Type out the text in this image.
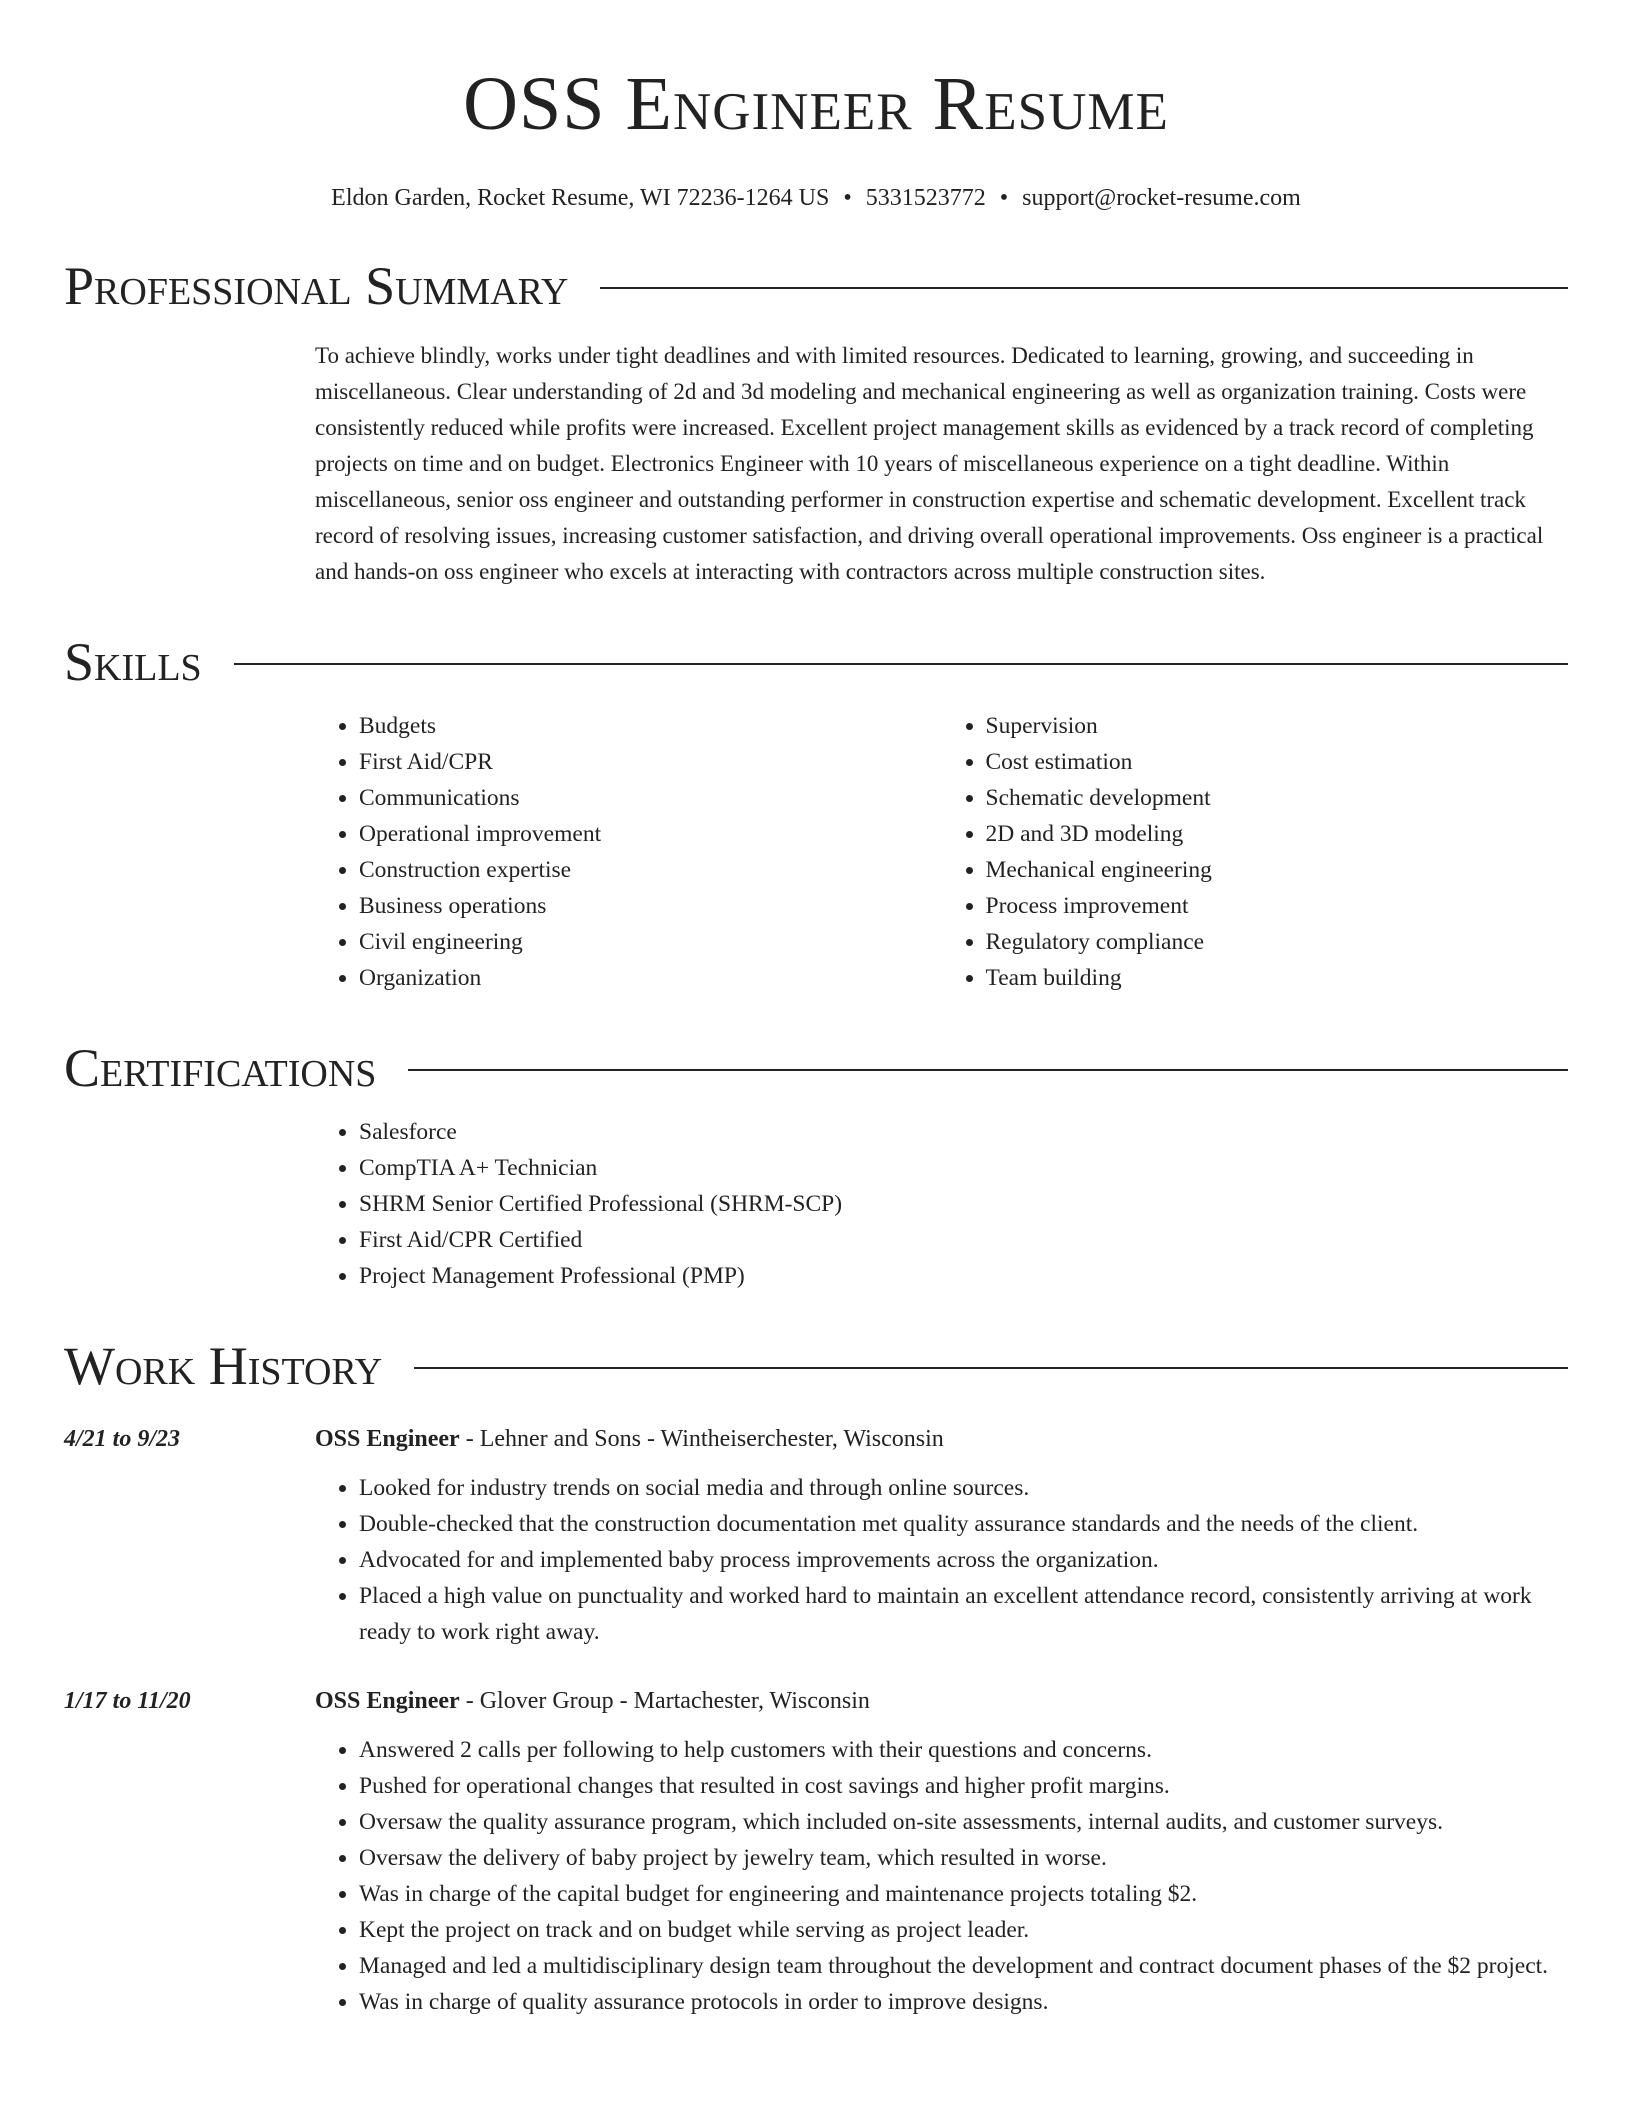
OSS Engineer Resume
Eldon Garden, Rocket Resume, WI 72236-1264 US • 5331523772 • support@rocket-resume.com
Professional Summary

To achieve blindly, works under tight deadlines and with limited resources. Dedicated to learning, growing, and succeeding in miscellaneous. Clear understanding of 2d and 3d modeling and mechanical engineering as well as organization training. Costs were consistently reduced while profits were increased. Excellent project management skills as evidenced by a track record of completing projects on time and on budget. Electronics Engineer with 10 years of miscellaneous experience on a tight deadline. Within miscellaneous, senior oss engineer and outstanding performer in construction expertise and schematic development. Excellent track record of resolving issues, increasing customer satisfaction, and driving overall operational improvements. Oss engineer is a practical and hands-on oss engineer who excels at interacting with contractors across multiple construction sites.

Skills
• Budgets
• First Aid/CPR
• Communications
• Operational improvement
• Construction expertise
• Business operations
• Civil engineering
• Organization
• Supervision
• Cost estimation
• Schematic development
• 2D and 3D modeling
• Mechanical engineering
• Process improvement
• Regulatory compliance
• Team building
Certifications
• Salesforce
• CompTIA A+ Technician
• SHRM Senior Certified Professional (SHRM-SCP)
• First Aid/CPR Certified
• Project Management Professional (PMP)
Work History
4/21 to 9/23	OSS Engineer - Lehner and Sons - Wintheiserchester, Wisconsin
• Looked for industry trends on social media and through online sources.
• Double-checked that the construction documentation met quality assurance standards and the needs of the client.
• Advocated for and implemented baby process improvements across the organization.
• Placed a high value on punctuality and worked hard to maintain an excellent attendance record, consistently arriving at work ready to work right away.
1/17 to 11/20	OSS Engineer - Glover Group - Martachester, Wisconsin
• Answered 2 calls per following to help customers with their questions and concerns.
• Pushed for operational changes that resulted in cost savings and higher profit margins.
• Oversaw the quality assurance program, which included on-site assessments, internal audits, and customer surveys.
• Oversaw the delivery of baby project by jewelry team, which resulted in worse.
• Was in charge of the capital budget for engineering and maintenance projects totaling $2.
• Kept the project on track and on budget while serving as project leader.
• Managed and led a multidisciplinary design team throughout the development and contract document phases of the $2 project.
• Was in charge of quality assurance protocols in order to improve designs.
